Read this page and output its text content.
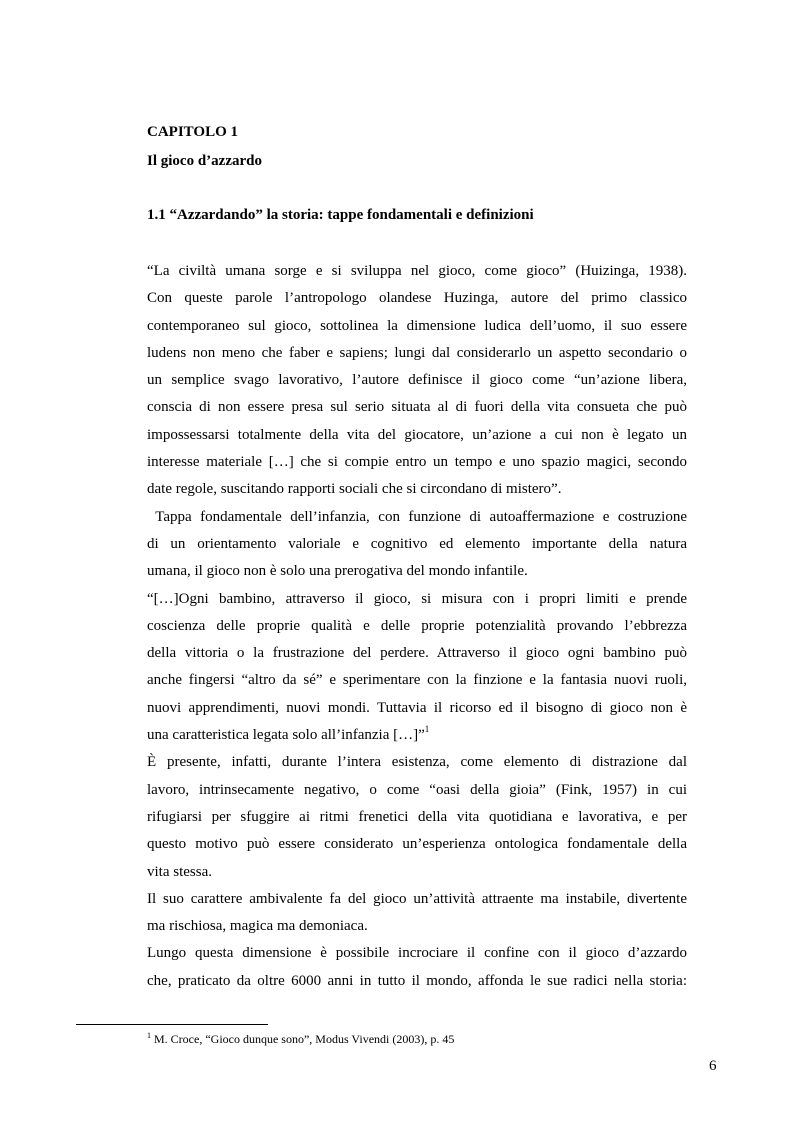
CAPITOLO 1
Il gioco d’azzardo
1.1 “Azzardando” la storia: tappe fondamentali e definizioni
“La civiltà umana sorge e si sviluppa nel gioco, come gioco” (Huizinga, 1938).
Con queste parole l’antropologo olandese Huzinga, autore del primo classico
contemporaneo sul gioco, sottolinea la dimensione ludica dell’uomo, il suo essere
ludens non meno che faber e sapiens; lungi dal considerarlo un aspetto secondario o
un semplice svago lavorativo, l’autore definisce il gioco come “un’azione libera,
conscia di non essere presa sul serio situata al di fuori della vita consueta che può
impossessarsi totalmente della vita del giocatore, un’azione a cui non è legato un
interesse materiale […] che si compie entro un tempo e uno spazio magici, secondo
date regole, suscitando rapporti sociali che si circondano di mistero”.
Tappa fondamentale dell’infanzia, con funzione di autoaffermazione e costruzione
di un orientamento valoriale e cognitivo ed elemento importante della natura
umana, il gioco non è solo una prerogativa del mondo infantile.
“[…]Ogni bambino, attraverso il gioco, si misura con i propri limiti e prende
coscienza delle proprie qualità e delle proprie potenzialità provando l’ebbrezza
della vittoria o la frustrazione del perdere. Attraverso il gioco ogni bambino può
anche fingersi “altro da sé” e sperimentare con la finzione e la fantasia nuovi ruoli,
nuovi apprendimenti, nuovi mondi. Tuttavia il ricorso ed il bisogno di gioco non è
una caratteristica legata solo all’infanzia […]”$^1$
È presente, infatti, durante l’intera esistenza, come elemento di distrazione dal
lavoro, intrinsecamente negativo, o come “oasi della gioia” (Fink, 1957) in cui
rifugiarsi per sfuggire ai ritmi frenetici della vita quotidiana e lavorativa, e per
questo motivo può essere considerato un’esperienza ontologica fondamentale della
vita stessa.
Il suo carattere ambivalente fa del gioco un’attività attraente ma instabile, divertente
ma rischiosa, magica ma demoniaca.
Lungo questa dimensione è possibile incrociare il confine con il gioco d’azzardo
che, praticato da oltre 6000 anni in tutto il mondo, affonda le sue radici nella storia:
$^1$ M. Croce, “Gioco dunque sono”, Modus Vivendi (2003), p. 45
6
